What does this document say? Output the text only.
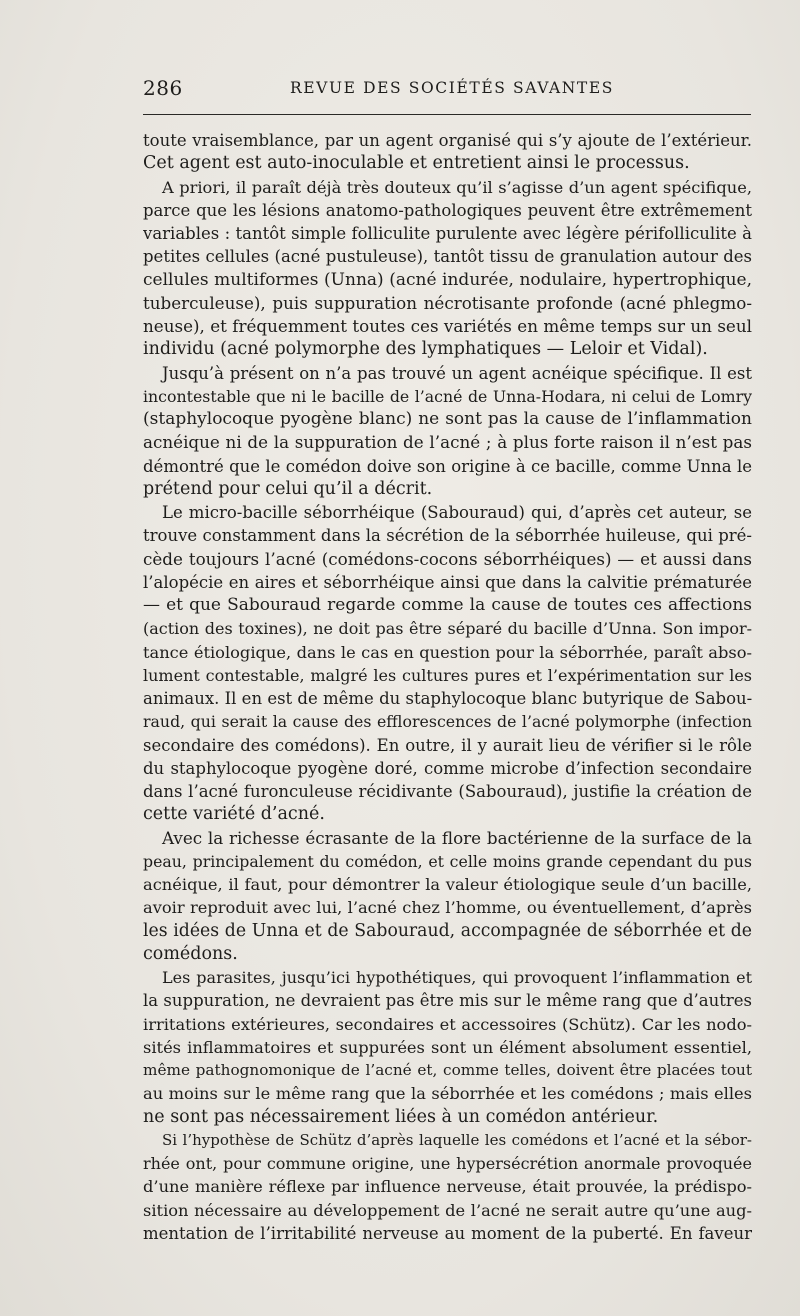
286	REVUE DES SOCIÉTÉS SAVANTES
toute vraisemblance, par un agent organisé qui s’y ajoute de l’extérieur.
Cet agent est auto-inoculable et entretient ainsi le processus.
A priori, il paraît déjà très douteux qu’il s’agisse d’un agent spécifique,
parce que les lésions anatomo-pathologiques peuvent être extrêmement
variables : tantôt simple folliculite purulente avec légère périfolliculite à
petites cellules (acné pustuleuse), tantôt tissu de granulation autour des
cellules multiformes (Unna) (acné indurée, nodulaire, hypertrophique,
tuberculeuse), puis suppuration nécrotisante profonde (acné phlegmo-
neuse), et fréquemment toutes ces variétés en même temps sur un seul
individu (acné polymorphe des lymphatiques — Leloir et Vidal).
Jusqu’à présent on n’a pas trouvé un agent acnéique spécifique. Il est
incontestable que ni le bacille de l’acné de Unna-Hodara, ni celui de Lomry
(staphylocoque pyogène blanc) ne sont pas la cause de l’inflammation
acnéique ni de la suppuration de l’acné ; à plus forte raison il n’est pas
démontré que le comédon doive son origine à ce bacille, comme Unna le
prétend pour celui qu’il a décrit.
Le micro-bacille séborrhéique (Sabouraud) qui, d’après cet auteur, se
trouve constamment dans la sécrétion de la séborrhée huileuse, qui pré-
cède toujours l’acné (comédons-cocons séborrhéiques) — et aussi dans
l’alopécie en aires et séborrhéique ainsi que dans la calvitie prématurée
— et que Sabouraud regarde comme la cause de toutes ces affections
(action des toxines), ne doit pas être séparé du bacille d’Unna. Son impor-
tance étiologique, dans le cas en question pour la séborrhée, paraît abso-
lument contestable, malgré les cultures pures et l’expérimentation sur les
animaux. Il en est de même du staphylocoque blanc butyrique de Sabou-
raud, qui serait la cause des efflorescences de l’acné polymorphe (infection
secondaire des comédons). En outre, il y aurait lieu de vérifier si le rôle
du staphylocoque pyogène doré, comme microbe d’infection secondaire
dans l’acné furonculeuse récidivante (Sabouraud), justifie la création de
cette variété d’acné.
Avec la richesse écrasante de la flore bactérienne de la surface de la
peau, principalement du comédon, et celle moins grande cependant du pus
acnéique, il faut, pour démontrer la valeur étiologique seule d’un bacille,
avoir reproduit avec lui, l’acné chez l’homme, ou éventuellement, d’après
les idées de Unna et de Sabouraud, accompagnée de séborrhée et de
comédons.
Les parasites, jusqu’ici hypothétiques, qui provoquent l’inflammation et
la suppuration, ne devraient pas être mis sur le même rang que d’autres
irritations extérieures, secondaires et accessoires (Schütz). Car les nodo-
sités inflammatoires et suppurées sont un élément absolument essentiel,
même pathognomonique de l’acné et, comme telles, doivent être placées tout
au moins sur le même rang que la séborrhée et les comédons ; mais elles
ne sont pas nécessairement liées à un comédon antérieur.
Si l’hypothèse de Schütz d’après laquelle les comédons et l’acné et la sébor-
rhée ont, pour commune origine, une hypersécrétion anormale provoquée
d’une manière réflexe par influence nerveuse, était prouvée, la prédispo-
sition nécessaire au développement de l’acné ne serait autre qu’une aug-
mentation de l’irritabilité nerveuse au moment de la puberté. En faveur
